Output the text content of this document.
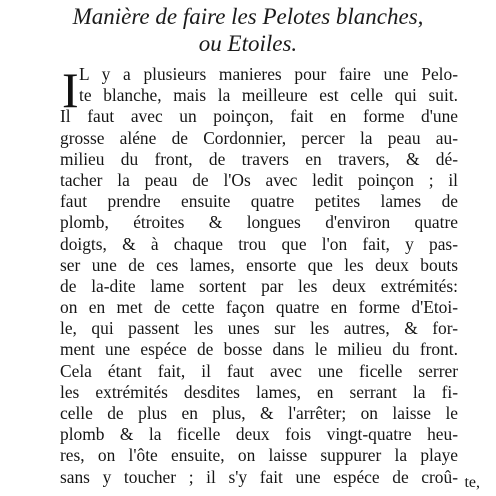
Manière de faire les Pelotes blanches,
ou Etoiles.
I L y a plusieurs manieres pour faire une Pelo-
te blanche, mais la meilleure est celle qui suit.
Il faut avec un poinçon, fait en forme d'une
grosse aléne de Cordonnier, percer la peau au-
milieu du front, de travers en travers, & dé-
tacher la peau de l'Os avec ledit poinçon ; il
faut prendre ensuite quatre petites lames de
plomb, étroites & longues d'environ quatre
doigts, & à chaque trou que l'on fait, y pas-
ser une de ces lames, ensorte que les deux bouts
de la-dite lame sortent par les deux extrémités:
on en met de cette façon quatre en forme d'Etoi-
le, qui passent les unes sur les autres, & for-
ment une espéce de bosse dans le milieu du front.
Cela étant fait, il faut avec une ficelle serrer
les extrémités desdites lames, en serrant la fi-
celle de plus en plus, & l'arrêter; on laisse le
plomb & la ficelle deux fois vingt-quatre heu-
res, on l'ôte ensuite, on laisse suppurer la playe
sans y toucher ; il s'y fait une espéce de croû- te,
